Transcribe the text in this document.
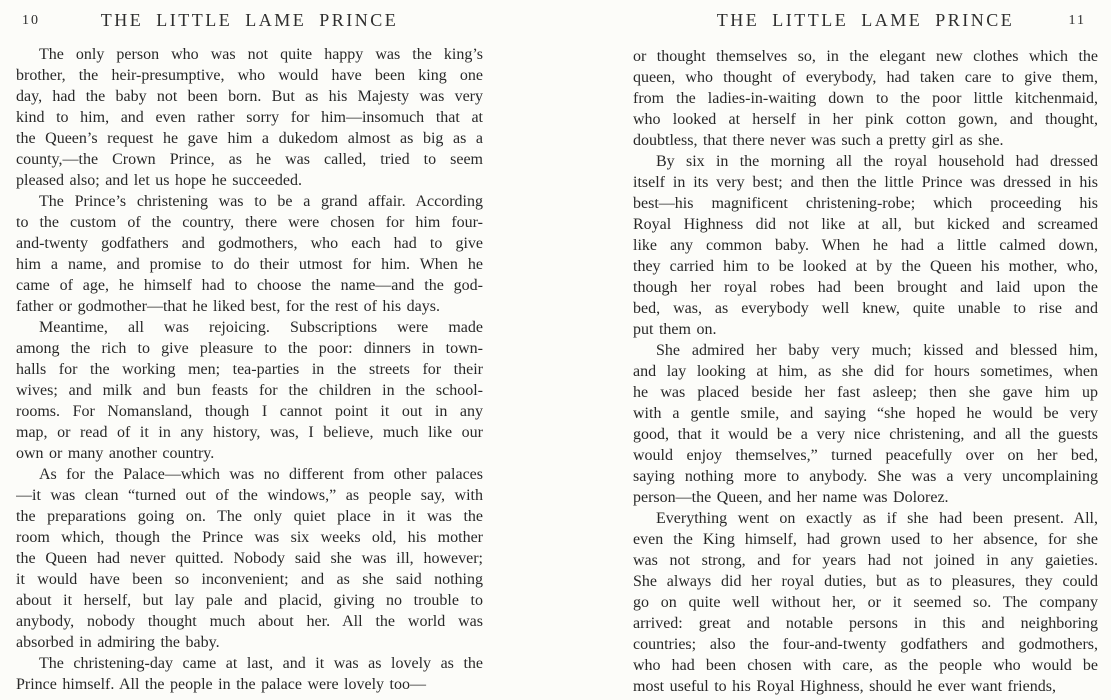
10	THE LITTLE LAME PRINCE
The only person who was not quite happy was the king’s
brother, the heir-presumptive, who would have been king one
day, had the baby not been born. But as his Majesty was very
kind to him, and even rather sorry for him—insomuch that at
the Queen’s request he gave him a dukedom almost as big as a
county,—the Crown Prince, as he was called, tried to seem
pleased also; and let us hope he succeeded.
The Prince’s christening was to be a grand affair. According
to the custom of the country, there were chosen for him four-
and-twenty godfathers and godmothers, who each had to give
him a name, and promise to do their utmost for him. When he
came of age, he himself had to choose the name—and the god-
father or godmother—that he liked best, for the rest of his days.
Meantime, all was rejoicing. Subscriptions were made
among the rich to give pleasure to the poor: dinners in town-
halls for the working men; tea-parties in the streets for their
wives; and milk and bun feasts for the children in the school-
rooms. For Nomansland, though I cannot point it out in any
map, or read of it in any history, was, I believe, much like our
own or many another country.
As for the Palace—which was no different from other palaces
—it was clean “turned out of the windows,” as people say, with
the preparations going on. The only quiet place in it was the
room which, though the Prince was six weeks old, his mother
the Queen had never quitted. Nobody said she was ill, however;
it would have been so inconvenient; and as she said nothing
about it herself, but lay pale and placid, giving no trouble to
anybody, nobody thought much about her. All the world was
absorbed in admiring the baby.
The christening-day came at last, and it was as lovely as the
Prince himself. All the people in the palace were lovely too—
THE LITTLE LAME PRINCE	11
or thought themselves so, in the elegant new clothes which the
queen, who thought of everybody, had taken care to give them,
from the ladies-in-waiting down to the poor little kitchenmaid,
who looked at herself in her pink cotton gown, and thought,
doubtless, that there never was such a pretty girl as she.
By six in the morning all the royal household had dressed
itself in its very best; and then the little Prince was dressed in his
best—his magnificent christening-robe; which proceeding his
Royal Highness did not like at all, but kicked and screamed
like any common baby. When he had a little calmed down,
they carried him to be looked at by the Queen his mother, who,
though her royal robes had been brought and laid upon the
bed, was, as everybody well knew, quite unable to rise and
put them on.
She admired her baby very much; kissed and blessed him,
and lay looking at him, as she did for hours sometimes, when
he was placed beside her fast asleep; then she gave him up
with a gentle smile, and saying “she hoped he would be very
good, that it would be a very nice christening, and all the guests
would enjoy themselves,” turned peacefully over on her bed,
saying nothing more to anybody. She was a very uncomplaining
person—the Queen, and her name was Dolorez.
Everything went on exactly as if she had been present. All,
even the King himself, had grown used to her absence, for she
was not strong, and for years had not joined in any gaieties.
She always did her royal duties, but as to pleasures, they could
go on quite well without her, or it seemed so. The company
arrived: great and notable persons in this and neighboring
countries; also the four-and-twenty godfathers and godmothers,
who had been chosen with care, as the people who would be
most useful to his Royal Highness, should he ever want friends,
